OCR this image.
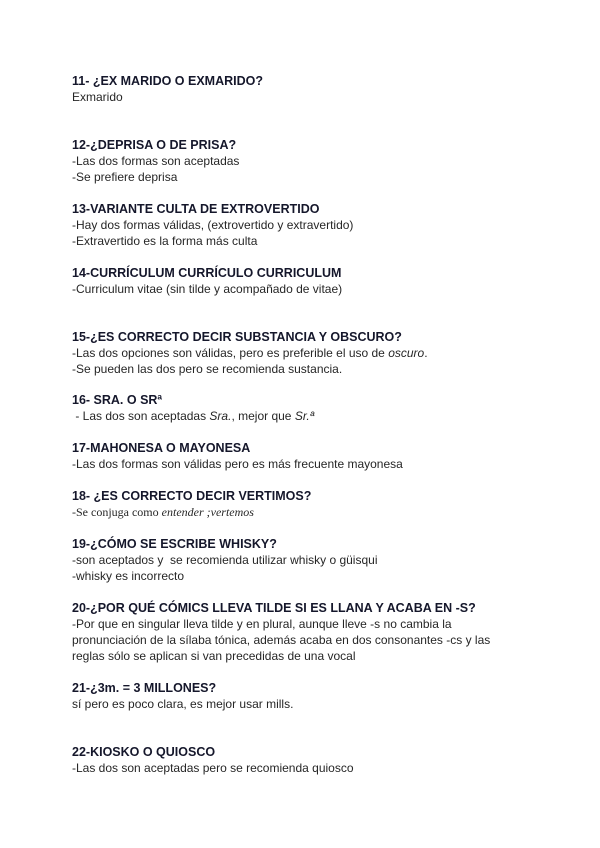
11- ¿EX MARIDO O EXMARIDO?
Exmarido
12-¿DEPRISA O DE PRISA?
-Las dos formas son aceptadas
-Se prefiere deprisa
13-VARIANTE CULTA DE EXTROVERTIDO
-Hay dos formas válidas, (extrovertido y extravertido)
-Extravertido es la forma más culta
14-CURRÍCULUM CURRÍCULO CURRICULUM
-Curriculum vitae (sin tilde y acompañado de vitae)
15-¿ES CORRECTO DECIR SUBSTANCIA Y OBSCURO?
-Las dos opciones son válidas, pero es preferible el uso de oscuro.
-Se pueden las dos pero se recomienda sustancia.
16- SRA. O SRª
- Las dos son aceptadas Sra., mejor que Sr.ª
17-MAHONESA O MAYONESA
-Las dos formas son válidas pero es más frecuente mayonesa
18- ¿ES CORRECTO DECIR VERTIMOS?
-Se conjuga como entender ;vertemos
19-¿CÓMO SE ESCRIBE WHISKY?
-son aceptados y  se recomienda utilizar whisky o güisqui
-whisky es incorrecto
20-¿POR QUÉ CÓMICS LLEVA TILDE SI ES LLANA Y ACABA EN -S?
-Por que en singular lleva tilde y en plural, aunque lleve -s no cambia la
pronunciación de la sílaba tónica, además acaba en dos consonantes -cs y las
reglas sólo se aplican si van precedidas de una vocal
21-¿3m. = 3 MILLONES?
sí pero es poco clara, es mejor usar mills.
22-KIOSKO O QUIOSCO
-Las dos son aceptadas pero se recomienda quiosco
